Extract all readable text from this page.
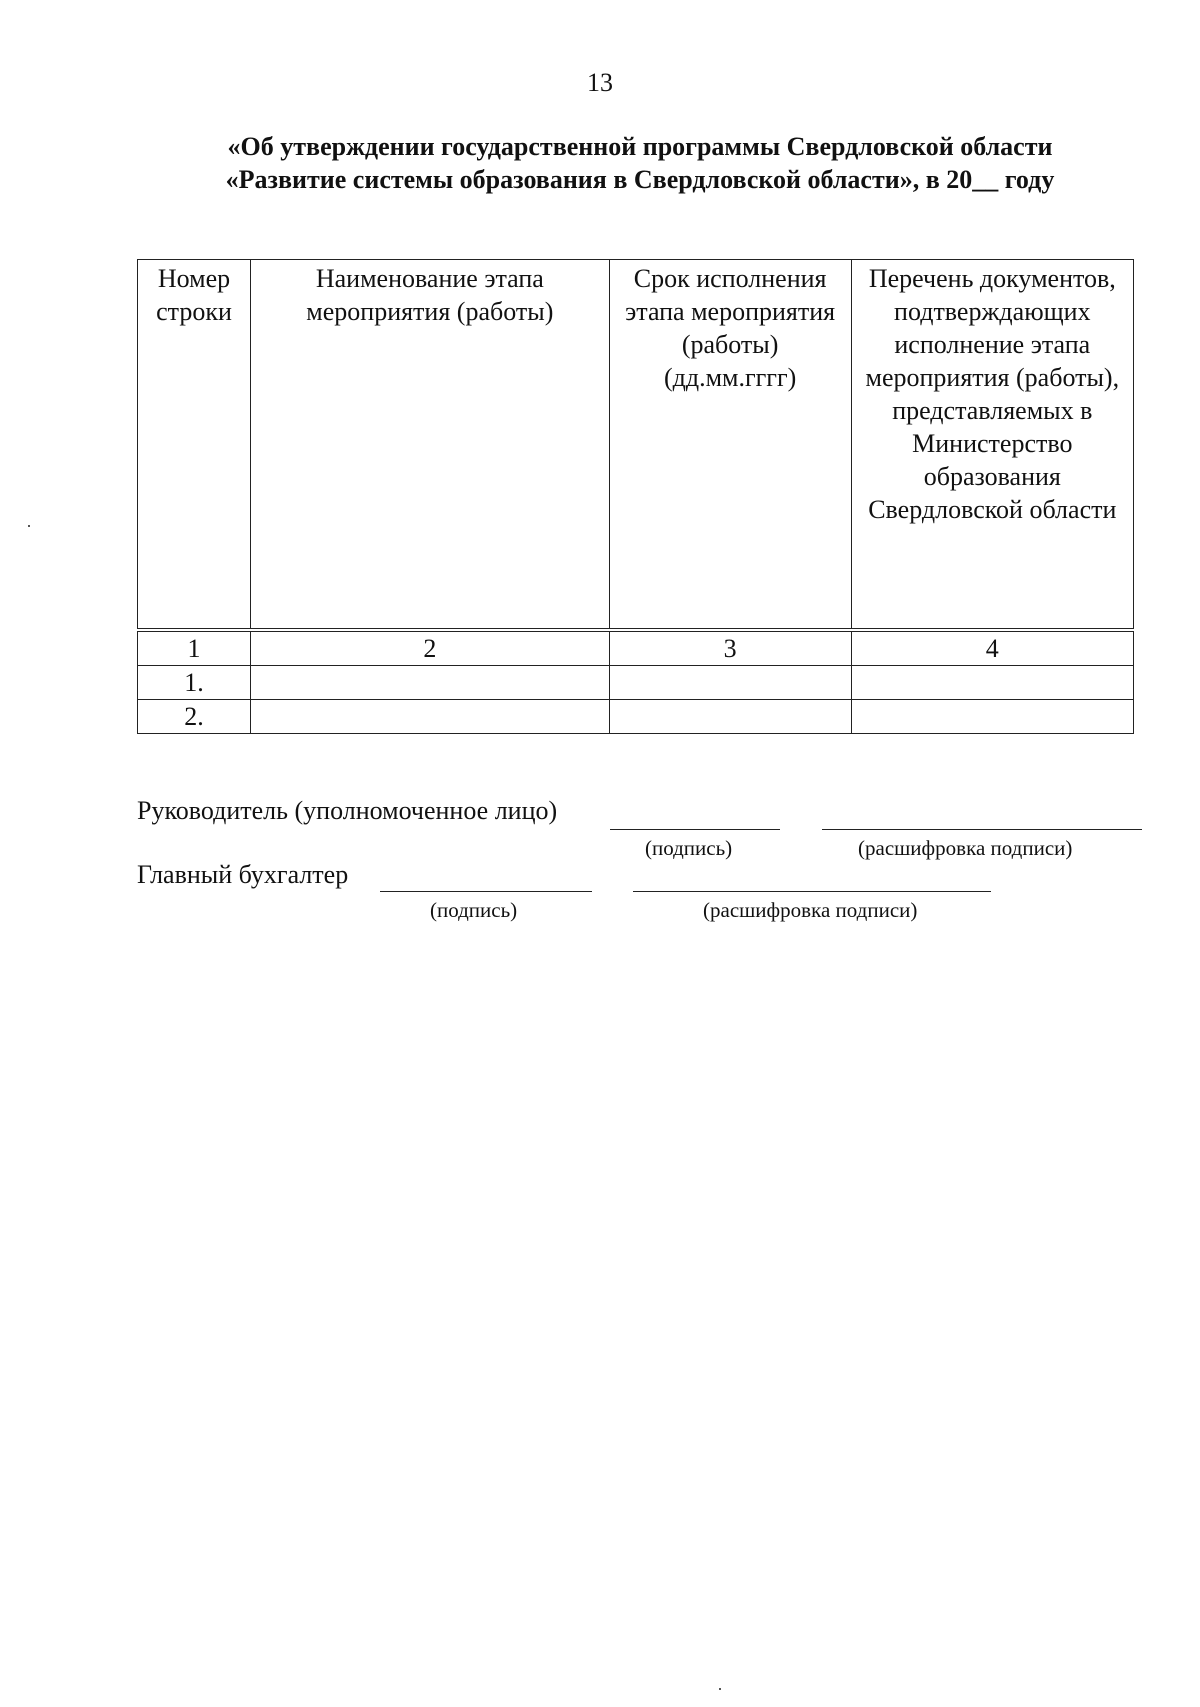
13
«Об утверждении государственной программы Свердловской области
«Развитие системы образования в Свердловской области», в 20__ году
Номер строки	Наименование этапа мероприятия (работы)	Срок исполнения этапа мероприятия (работы) (дд.мм.гггг)	Перечень документов, подтверждающих исполнение этапа мероприятия (работы), представляемых в Министерство образования Свердловской области
1	2	3	4
1.			
2.			
Руководитель (уполномоченное лицо)
(подпись)	(расшифровка подписи)
Главный бухгалтер
(подпись)	(расшифровка подписи)
